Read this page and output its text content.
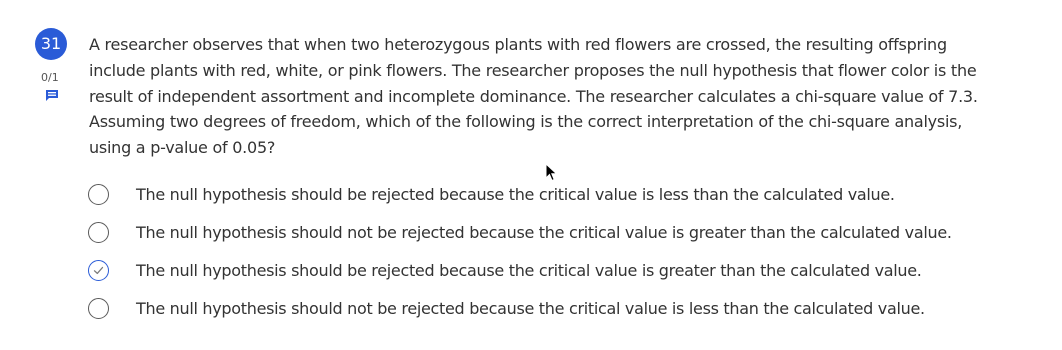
31
0/1

A researcher observes that when two heterozygous plants with red flowers are crossed, the resulting offspring include plants with red, white, or pink flowers. The researcher proposes the null hypothesis that flower color is the result of independent assortment and incomplete dominance. The researcher calculates a chi-square value of 7.3. Assuming two degrees of freedom, which of the following is the correct interpretation of the chi-square analysis, using a p-value of 0.05?

The null hypothesis should be rejected because the critical value is less than the calculated value.
The null hypothesis should not be rejected because the critical value is greater than the calculated value.
The null hypothesis should be rejected because the critical value is greater than the calculated value.
The null hypothesis should not be rejected because the critical value is less than the calculated value.
